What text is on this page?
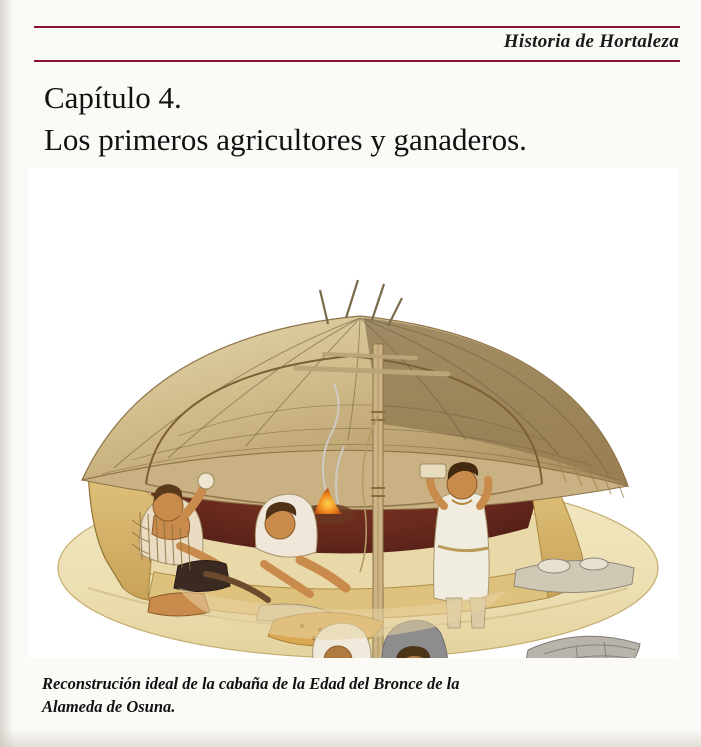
Historia de Hortaleza
Capítulo 4.
Los primeros agricultores y ganaderos.
Reconstrución ideal de la cabaña de la Edad del Bronce de la
Alameda de Osuna.
